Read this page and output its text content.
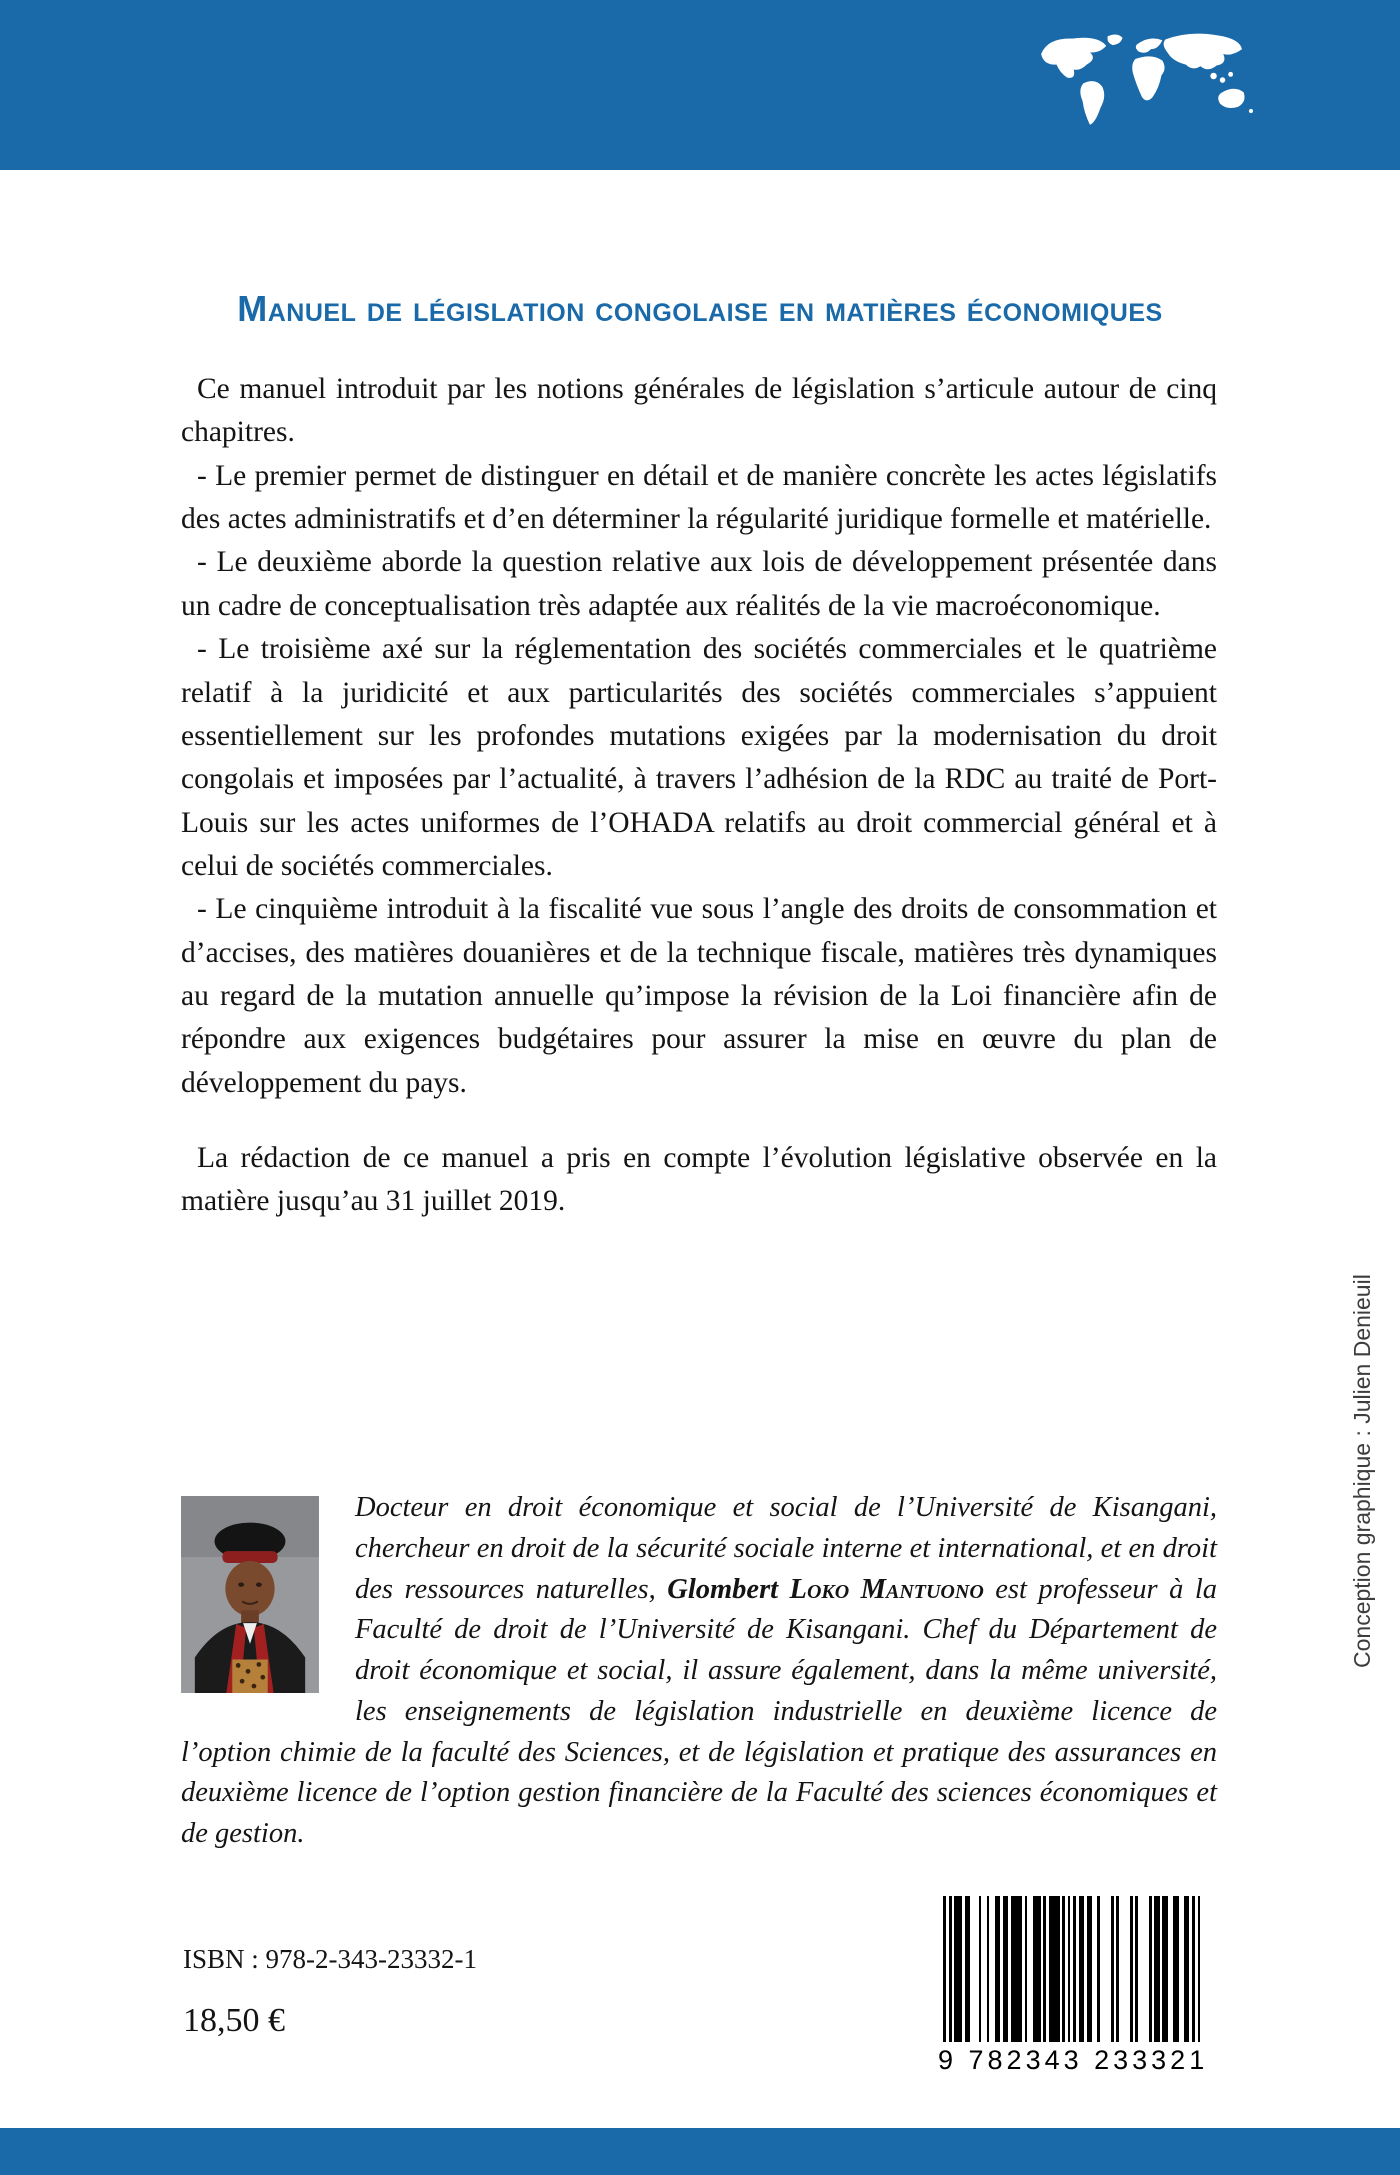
Manuel de législation congolaise en matières économiques

Ce manuel introduit par les notions générales de législation s’articule autour de cinq chapitres.

- Le premier permet de distinguer en détail et de manière concrète les actes législatifs des actes administratifs et d’en déterminer la régularité juridique formelle et matérielle.

- Le deuxième aborde la question relative aux lois de développement présentée dans un cadre de conceptualisation très adaptée aux réalités de la vie macroéconomique.

- Le troisième axé sur la réglementation des sociétés commerciales et le quatrième relatif à la juridicité et aux particularités des sociétés commerciales s’appuient essentiellement sur les profondes mutations exigées par la modernisation du droit congolais et imposées par l’actualité, à travers l’adhésion de la RDC au traité de Port-Louis sur les actes uniformes de l’OHADA relatifs au droit commercial général et à celui de sociétés commerciales.

- Le cinquième introduit à la fiscalité vue sous l’angle des droits de consommation et d’accises, des matières douanières et de la technique fiscale, matières très dynamiques au regard de la mutation annuelle qu’impose la révision de la Loi financière afin de répondre aux exigences budgétaires pour assurer la mise en œuvre du plan de développement du pays.

La rédaction de ce manuel a pris en compte l’évolution législative observée en la matière jusqu’au 31 juillet 2019.

Docteur en droit économique et social de l’Université de Kisangani, chercheur en droit de la sécurité sociale interne et international, et en droit des ressources naturelles, Glombert Loko Mantuono est professeur à la Faculté de droit de l’Université de Kisangani. Chef du Département de droit économique et social, il assure également, dans la même université, les enseignements de législation industrielle en deuxième licence de l’option chimie de la faculté des Sciences, et de législation et pratique des assurances en deuxième licence de l’option gestion financière de la Faculté des sciences économiques et de gestion.
ISBN : 978-2-343-23332-1
18,50 €
9 782343 233321
Conception graphique : Julien Denieuil
